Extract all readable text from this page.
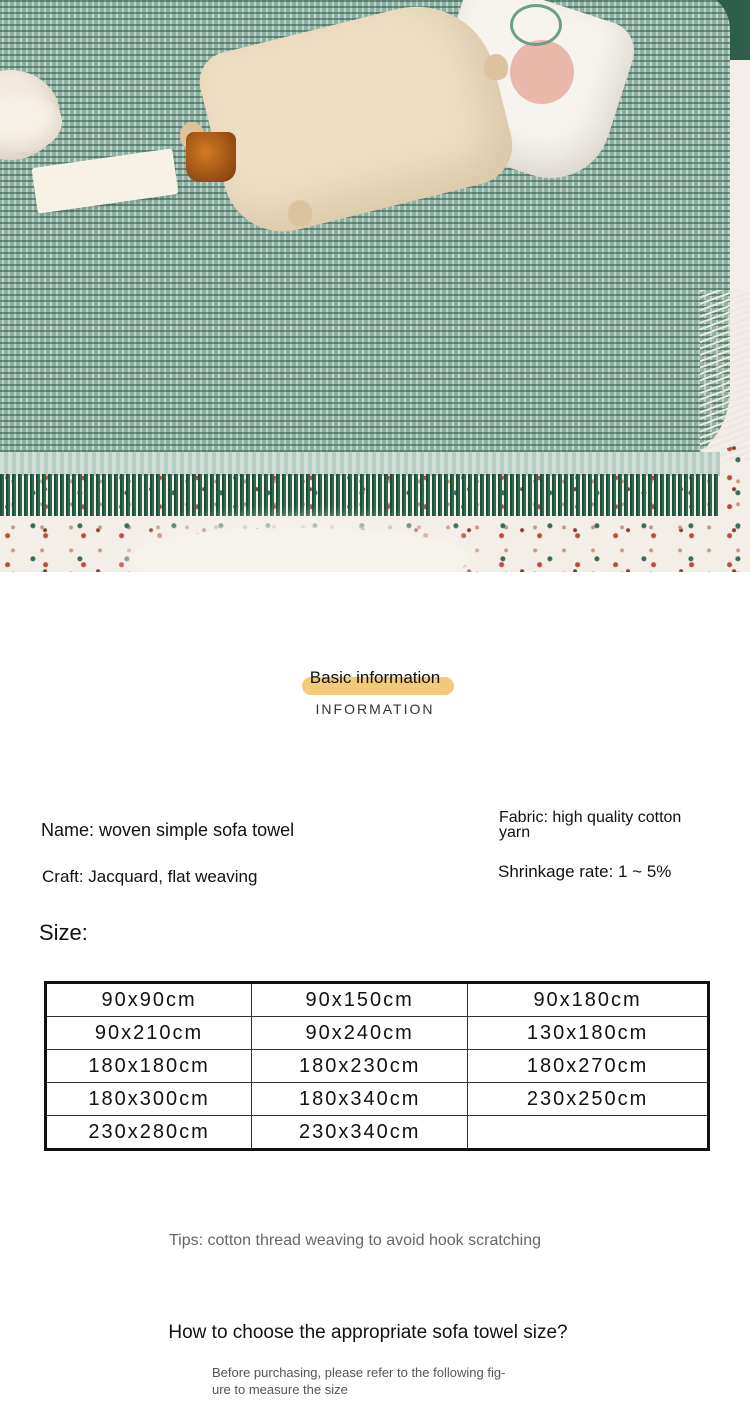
Basic information
INFORMATION
Name: woven simple sofa towel
Craft: Jacquard, flat weaving
Fabric: high quality cotton
yarn
Shrinkage rate: 1 ~ 5%
Size:
90x90cm	90x150cm	90x180cm
90x210cm	90x240cm	130x180cm
180x180cm	180x230cm	180x270cm
180x300cm	180x340cm	230x250cm
230x280cm	230x340cm	
Tips: cotton thread weaving to avoid hook scratching
How to choose the appropriate sofa towel size?
Before purchasing, please refer to the following fig-
ure to measure the size
